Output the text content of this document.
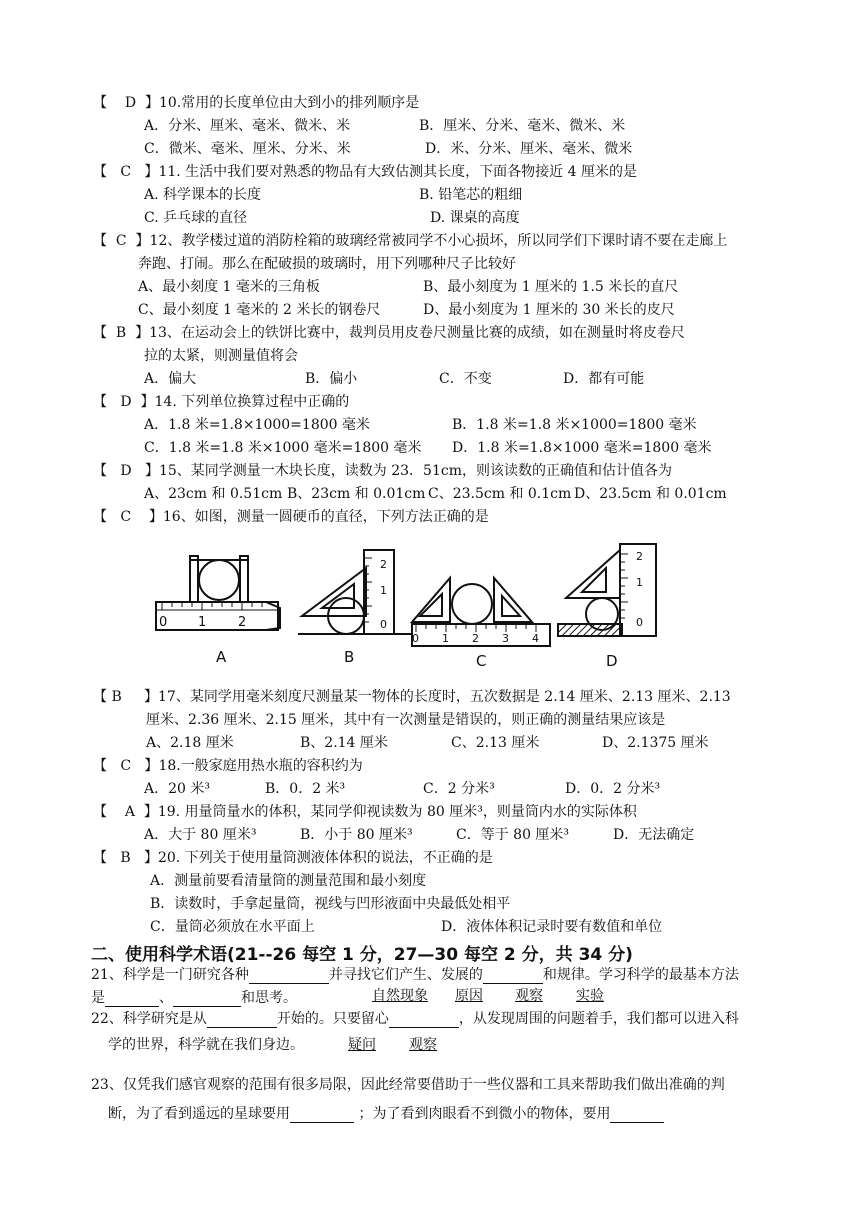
【    D  】10.常用的长度单位由大到小的排列顺序是
A．分米、厘米、毫米、微米、米	B．厘米、分米、毫米、微米、米
C．微米、毫米、厘米、分米、米	D．米、分米、厘米、毫米、微米
【   C   】11. 生活中我们要对熟悉的物品有大致估测其长度，下面各物接近 4 厘米的是
A. 科学课本的长度	B. 铅笔芯的粗细
C. 乒乓球的直径	D. 课桌的高度
【  C  】12、教学楼过道的消防栓箱的玻璃经常被同学不小心损坏，所以同学们下课时请不要在走廊上
奔跑、打闹。那么在配破损的玻璃时，用下列哪种尺子比较好
A、最小刻度 1 毫米的三角板	B、最小刻度为 1 厘米的 1.5 米长的直尺
C、最小刻度 1 毫米的 2 米长的钢卷尺	D、最小刻度为 1 厘米的 30 米长的皮尺
【  B  】13、在运动会上的铁饼比赛中，裁判员用皮卷尺测量比赛的成绩，如在测量时将皮卷尺
拉的太紧，则测量值将会
A．偏大	B．偏小	C．不变	D．都有可能
【   D  】14. 下列单位换算过程中正确的
A．1.8 米=1.8×1000=1800 毫米	B．1.8 米=1.8 米×1000=1800 毫米
C．1.8 米=1.8 米×1000 毫米=1800 毫米 D．1.8 米=1.8×1000 毫米=1800 毫米
【   D   】15、某同学测量一木块长度，读数为 23．51cm，则该读数的正确值和估计值各为
A、23cm 和 0.51cm B、23cm 和 0.01cm C、23.5cm 和 0.1cm D、23.5cm 和 0.01cm
【   C    】16、如图，测量一圆硬币的直径，下列方法正确的是
0 1 2
A
2
1
0
B
0 1 2 3 4
C
2
1
0
D
【 B     】17、某同学用毫米刻度尺测量某一物体的长度时，五次数据是 2.14 厘米、2.13 厘米、2.13
厘米、2.36 厘米、2.15 厘米，其中有一次测量是错误的，则正确的测量结果应该是
A、2.18 厘米	B、2.14 厘米	C、2.13 厘米	D、2.1375 厘米
【   C   】18.一般家庭用热水瓶的容积约为
A．20 米³	B．0．2 米³	C．2 分米³	D．0．2 分米³
【    A  】19. 用量筒量水的体积，某同学仰视读数为 80 厘米³，则量筒内水的实际体积
A．大于 80 厘米³	B．小于 80 厘米³	C．等于 80 厘米³	D．无法确定
【   B   】20. 下列关于使用量筒测液体体积的说法，不正确的是
A．测量前要看清量筒的测量范围和最小刻度
B．读数时，手拿起量筒，视线与凹形液面中央最低处相平
C．量筒必须放在水平面上	D．液体体积记录时要有数值和单位
二、使用科学术语(21--26 每空 1 分，27—30 每空 2 分，共 34 分)
21、科学是一门研究各种	并寻找它们产生、发展的	和规律。学习科学的最基本方法
是	、	和思考。	自然现象 原因 观察 实验
22、科学研究是从	开始的。只要留心	，从发现周围的问题着手，我们都可以进入科
学的世界，科学就在我们身边。	疑问 观察
23、仅凭我们感官观察的范围有很多局限，因此经常要借助于一些仪器和工具来帮助我们做出准确的判
断，为了看到遥远的星球要用	；为了看到肉眼看不到微小的物体，要用
